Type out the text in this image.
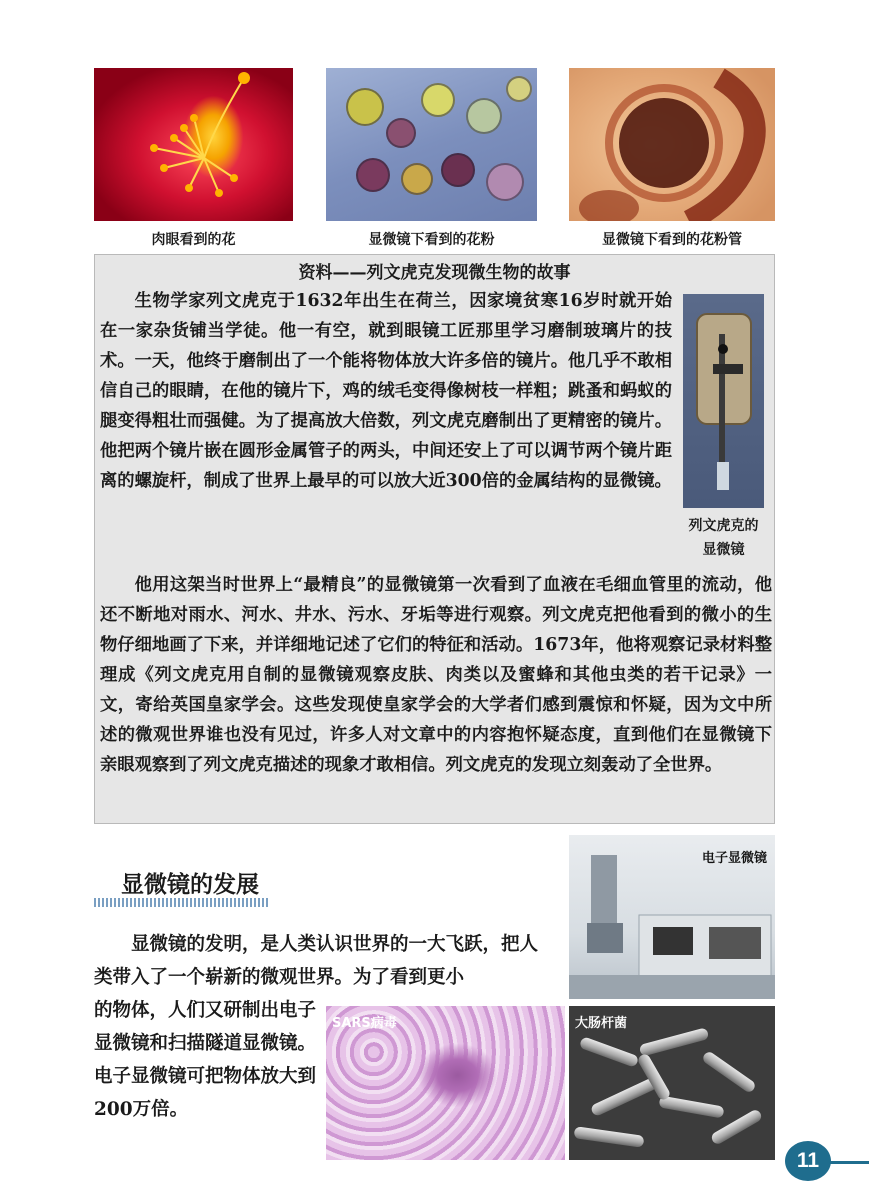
肉眼看到的花	显微镜下看到的花粉	显微镜下看到的花粉管
资料——列文虎克发现微生物的故事

生物学家列文虎克于1632年出生在荷兰，因家境贫寒16岁时就开始在一家杂货铺当学徒。他一有空，就到眼镜工匠那里学习磨制玻璃片的技术。一天，他终于磨制出了一个能将物体放大许多倍的镜片。他几乎不敢相信自己的眼睛，在他的镜片下，鸡的绒毛变得像树枝一样粗；跳蚤和蚂蚁的腿变得粗壮而强健。为了提高放大倍数，列文虎克磨制出了更精密的镜片。他把两个镜片嵌在圆形金属管子的两头，中间还安上了可以调节两个镜片距离的螺旋杆，制成了世界上最早的可以放大近300倍的金属结构的显微镜。

列文虎克的显微镜

他用这架当时世界上“最精良”的显微镜第一次看到了血液在毛细血管里的流动，他还不断地对雨水、河水、井水、污水、牙垢等进行观察。列文虎克把他看到的微小的生物仔细地画了下来，并详细地记述了它们的特征和活动。1673年，他将观察记录材料整理成《列文虎克用自制的显微镜观察皮肤、肉类以及蜜蜂和其他虫类的若干记录》一文，寄给英国皇家学会。这些发现使皇家学会的大学者们感到震惊和怀疑，因为文中所述的微观世界谁也没有见过，许多人对文章中的内容抱怀疑态度，直到他们在显微镜下亲眼观察到了列文虎克描述的现象才敢相信。列文虎克的发现立刻轰动了全世界。

显微镜的发展

显微镜的发明，是人类认识世界的一大飞跃，把人类带入了一个崭新的微观世界。为了看到更小

的物体，人们又研制出电子显微镜和扫描隧道显微镜。电子显微镜可把物体放大到200万倍。

电子显微镜
SARS病毒	大肠杆菌
11
